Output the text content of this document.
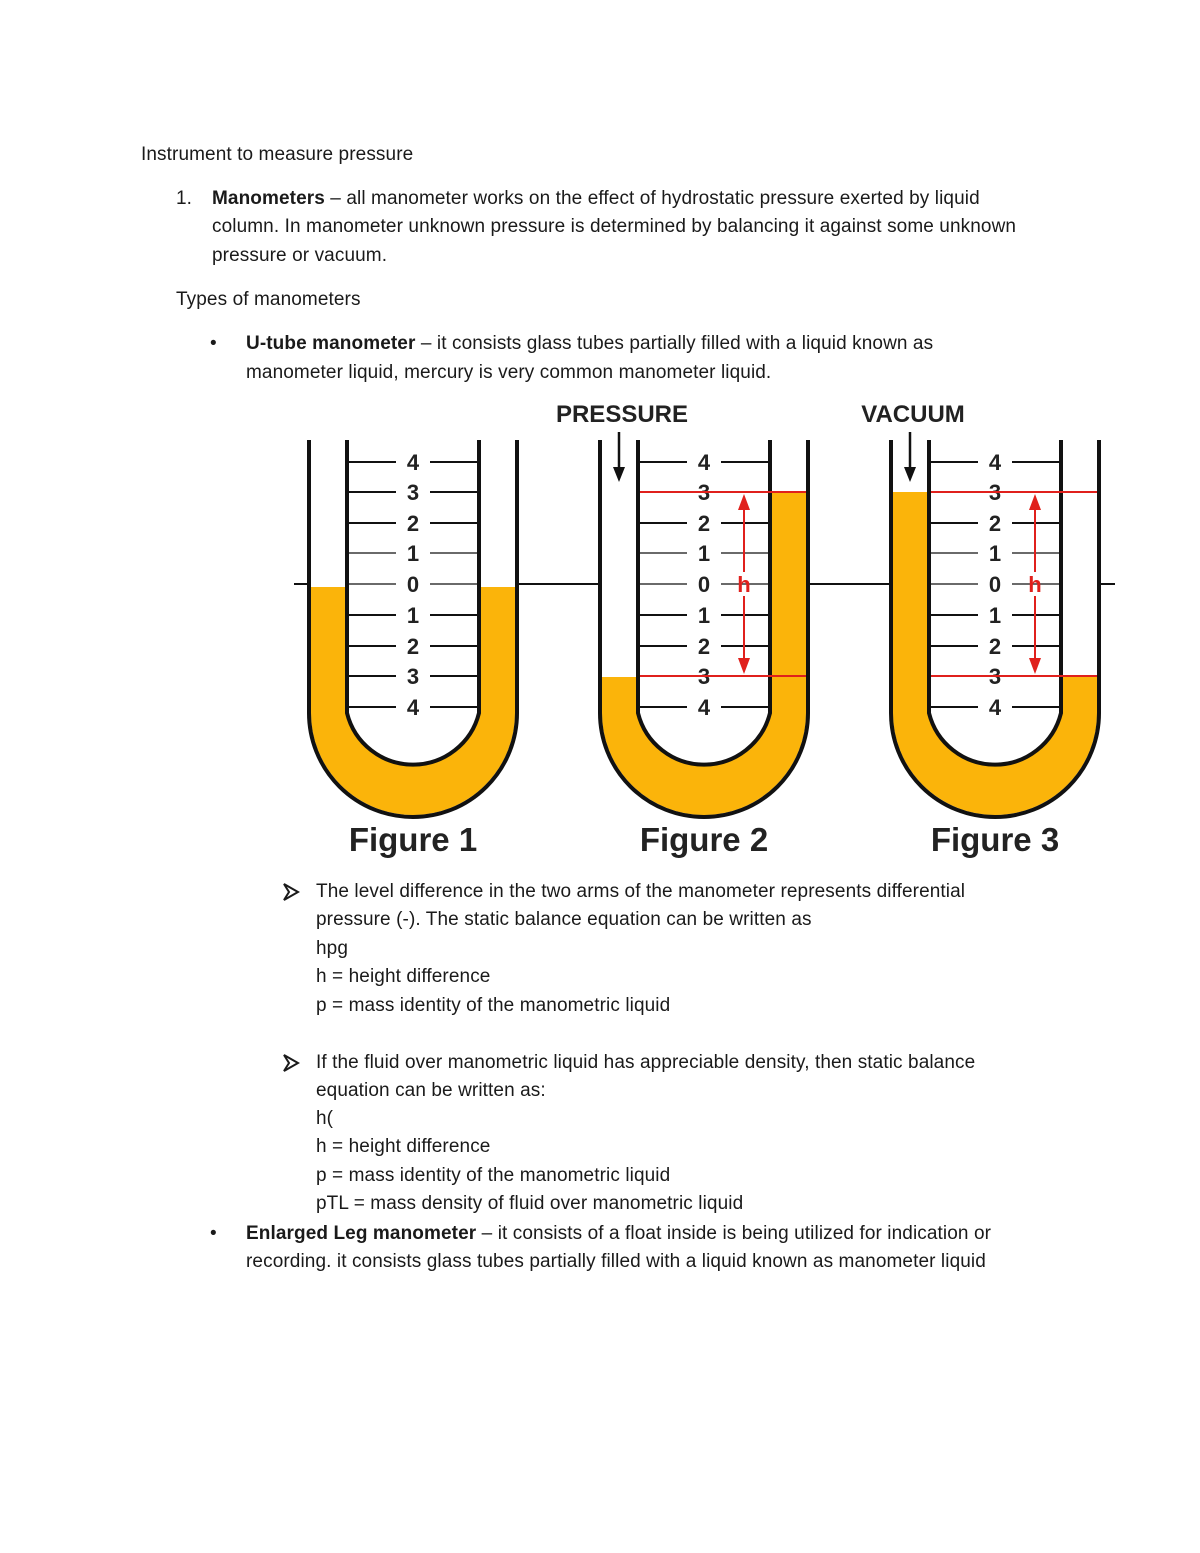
Instrument to measure pressure
1. Manometers – all manometer works on the effect of hydrostatic pressure exerted by liquid
column. In manometer unknown pressure is determined by balancing it against some unknown
pressure or vacuum.
Types of manometers
• U-tube manometer – it consists glass tubes partially filled with a liquid known as
manometer liquid, mercury is very common manometer liquid.
4
3
2
1
0
1
2
3
4
Figure 1
4
3
2
1
0
1
2
3
4
Figure 2
PRESSURE
h
4
3
2
1
0
1
2
3
4
Figure 3
VACUUM
h
The level difference in the two arms of the manometer represents differential
pressure (-). The static balance equation can be written as
hpg
h = height difference
p = mass identity of the manometric liquid
If the fluid over manometric liquid has appreciable density, then static balance
equation can be written as:
h(
h = height difference
p = mass identity of the manometric liquid
pTL = mass density of fluid over manometric liquid
• Enlarged Leg manometer – it consists of a float inside is being utilized for indication or
recording. it consists glass tubes partially filled with a liquid known as manometer liquid
